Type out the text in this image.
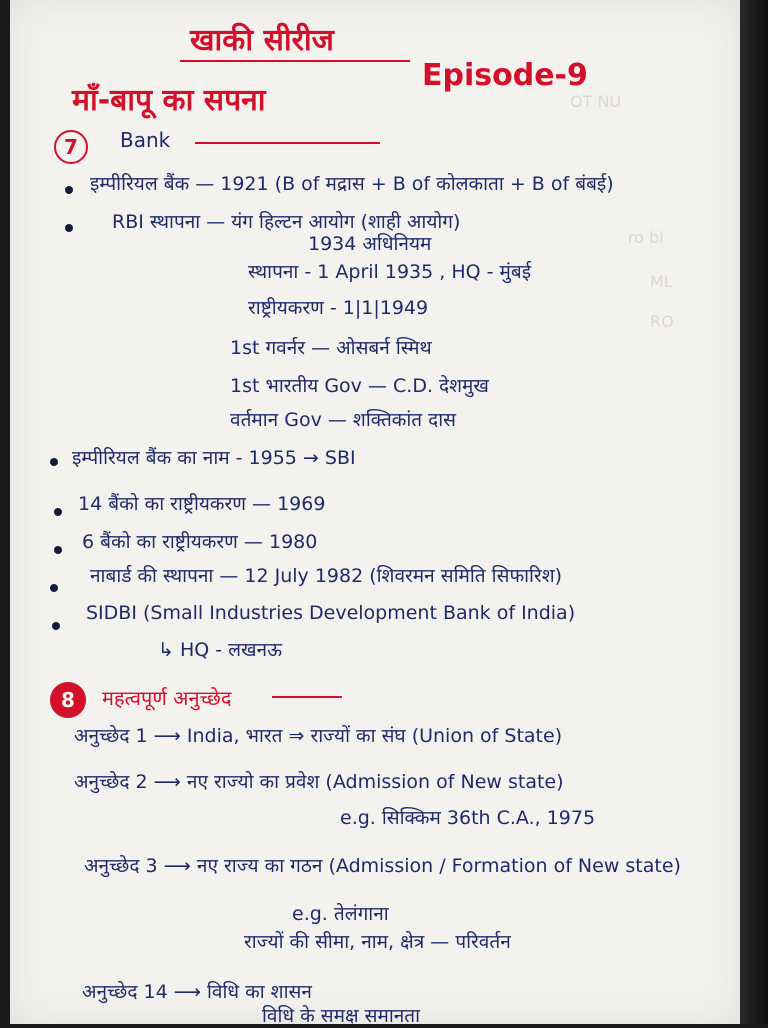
OT NU
ro bl
ML
RO
खाकी सीरीज
माँ-बापू का सपना
Episode-9
7	Bank
इम्पीरियल बैंक — 1921 (B of मद्रास + B of कोलकाता + B of बंबई)
RBI स्थापना — यंग हिल्टन आयोग (शाही आयोग)
1934 अधिनियम
स्थापना - 1 April 1935 , HQ - मुंबई
राष्ट्रीयकरण - 1|1|1949
1st गवर्नर — ओसबर्न स्मिथ
1st भारतीय Gov — C.D. देशमुख
वर्तमान Gov — शक्तिकांत दास
इम्पीरियल बैंक का नाम - 1955 → SBI
14 बैंको का राष्ट्रीयकरण — 1969
6 बैंको का राष्ट्रीयकरण — 1980
नाबार्ड की स्थापना — 12 July 1982 (शिवरमन समिति सिफारिश)
SIDBI (Small Industries Development Bank of India)
↳ HQ - लखनऊ
8	महत्वपूर्ण अनुच्छेद
अनुच्छेद 1 ⟶ India, भारत ⇒ राज्यों का संघ (Union of State)
अनुच्छेद 2 ⟶ नए राज्यो का प्रवेश (Admission of New state)
e.g. सिक्किम 36th C.A., 1975
अनुच्छेद 3 ⟶ नए राज्य का गठन (Admission / Formation of New state)
e.g. तेलंगाना
राज्यों की सीमा, नाम, क्षेत्र — परिवर्तन
अनुच्छेद 14 ⟶ विधि का शासन
विधि के समक्ष समानता
